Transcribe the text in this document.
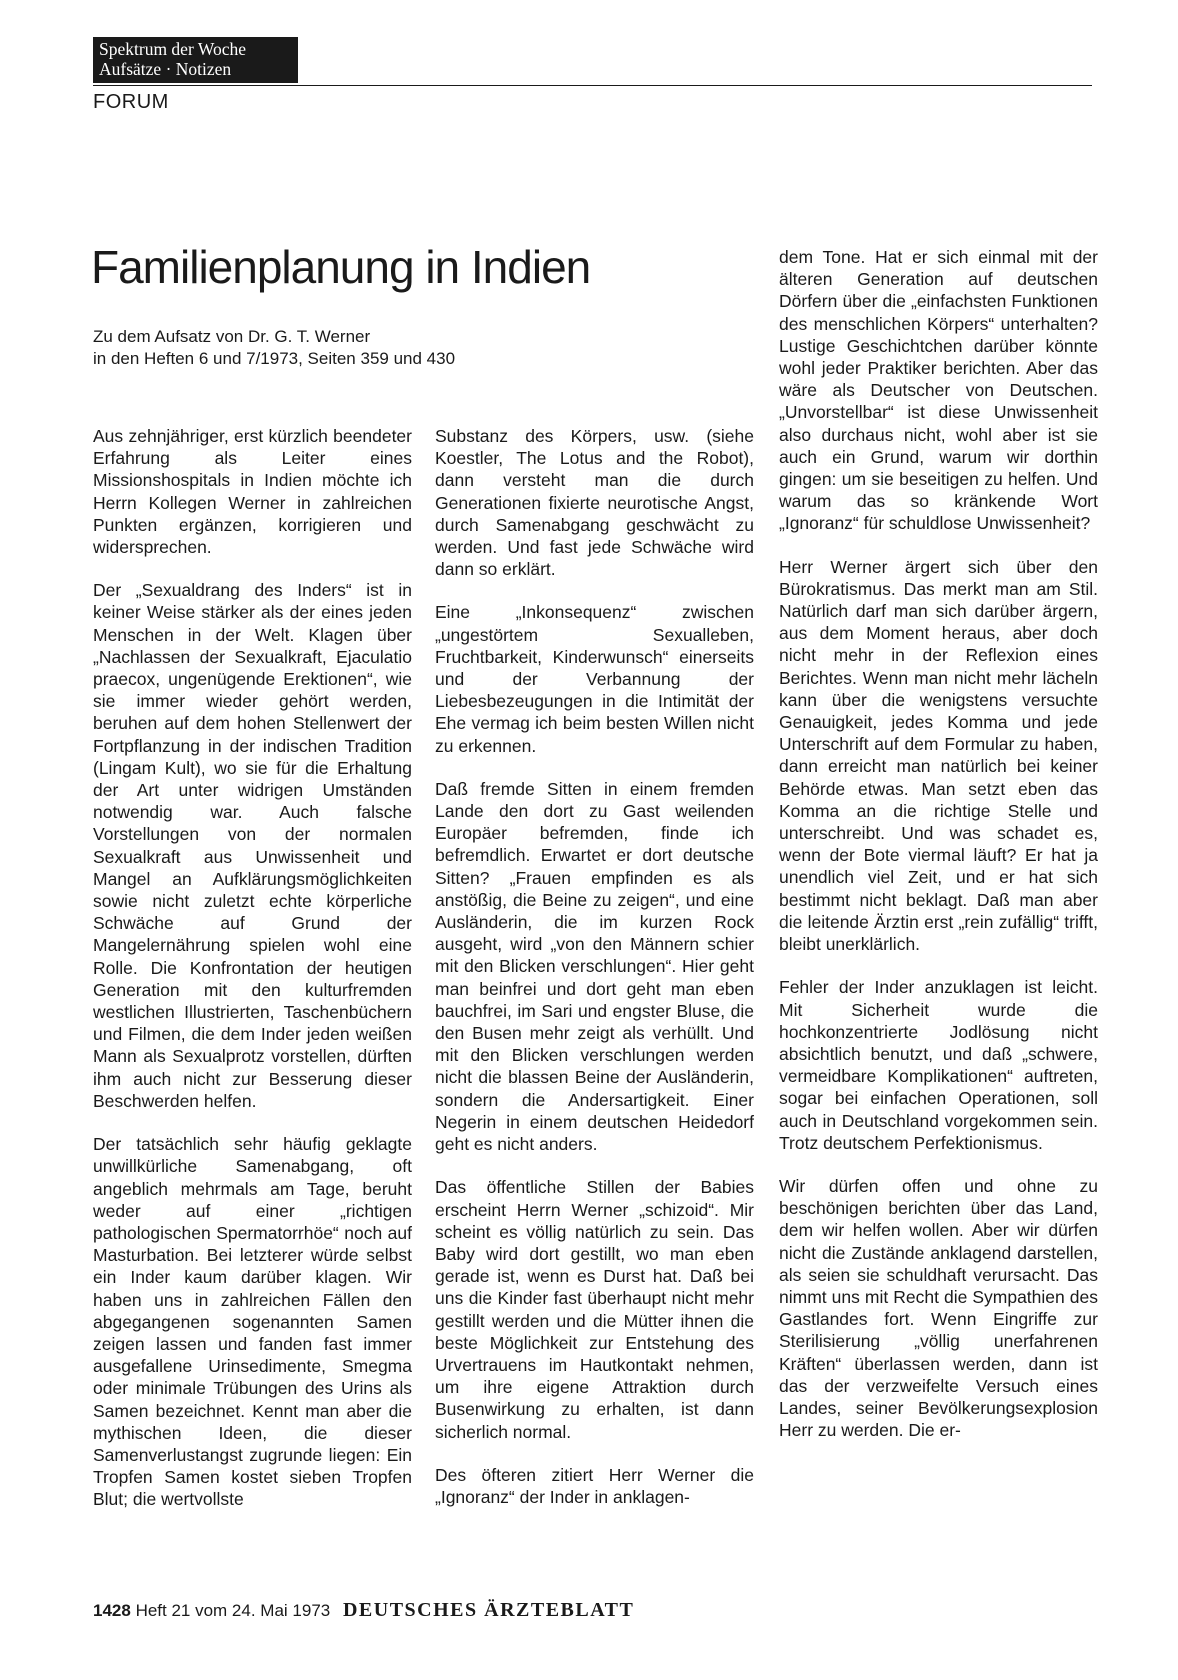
Spektrum der Woche
Aufsätze · Notizen
FORUM
Familienplanung in Indien
Zu dem Aufsatz von Dr. G. T. Werner
in den Heften 6 und 7/1973, Seiten 359 und 430

Aus zehnjähriger, erst kürzlich beendeter Erfahrung als Leiter eines Missionshospitals in Indien möchte ich Herrn Kollegen Werner in zahlreichen Punkten ergänzen, korrigieren und widersprechen.

Der „Sexualdrang des Inders“ ist in keiner Weise stärker als der eines jeden Menschen in der Welt. Klagen über „Nachlassen der Sexualkraft, Ejaculatio praecox, ungenügende Erektionen“, wie sie immer wieder gehört werden, beruhen auf dem hohen Stellenwert der Fortpflanzung in der indischen Tradition (Lingam Kult), wo sie für die Erhaltung der Art unter widrigen Umständen notwendig war. Auch falsche Vorstellungen von der normalen Sexualkraft aus Unwissenheit und Mangel an Aufklärungsmöglichkeiten sowie nicht zuletzt echte körperliche Schwäche auf Grund der Mangelernährung spielen wohl eine Rolle. Die Konfrontation der heutigen Generation mit den kulturfremden westlichen Illustrierten, Taschenbüchern und Filmen, die dem Inder jeden weißen Mann als Sexualprotz vorstellen, dürften ihm auch nicht zur Besserung dieser Beschwerden helfen.

Der tatsächlich sehr häufig geklagte unwillkürliche Samenabgang, oft angeblich mehrmals am Tage, beruht weder auf einer „richtigen pathologischen Spermatorrhöe“ noch auf Masturbation. Bei letzterer würde selbst ein Inder kaum darüber klagen. Wir haben uns in zahlreichen Fällen den abgegangenen sogenannten Samen zeigen lassen und fanden fast immer ausgefallene Urinsedimente, Smegma oder minimale Trübungen des Urins als Samen bezeichnet. Kennt man aber die mythischen Ideen, die dieser Samenverlustangst zugrunde liegen: Ein Tropfen Samen kostet sieben Tropfen Blut; die wertvollste

Substanz des Körpers, usw. (siehe Koestler, The Lotus and the Robot), dann versteht man die durch Generationen fixierte neurotische Angst, durch Samenabgang geschwächt zu werden. Und fast jede Schwäche wird dann so erklärt.

Eine „Inkonsequenz“ zwischen „ungestörtem Sexualleben, Fruchtbarkeit, Kinderwunsch“ einerseits und der Verbannung der Liebesbezeugungen in die Intimität der Ehe vermag ich beim besten Willen nicht zu erkennen.

Daß fremde Sitten in einem fremden Lande den dort zu Gast weilenden Europäer befremden, finde ich befremdlich. Erwartet er dort deutsche Sitten? „Frauen empfinden es als anstößig, die Beine zu zeigen“, und eine Ausländerin, die im kurzen Rock ausgeht, wird „von den Männern schier mit den Blicken verschlungen“. Hier geht man beinfrei und dort geht man eben bauchfrei, im Sari und engster Bluse, die den Busen mehr zeigt als verhüllt. Und mit den Blicken verschlungen werden nicht die blassen Beine der Ausländerin, sondern die Andersartigkeit. Einer Negerin in einem deutschen Heidedorf geht es nicht anders.

Das öffentliche Stillen der Babies erscheint Herrn Werner „schizoid“. Mir scheint es völlig natürlich zu sein. Das Baby wird dort gestillt, wo man eben gerade ist, wenn es Durst hat. Daß bei uns die Kinder fast überhaupt nicht mehr gestillt werden und die Mütter ihnen die beste Möglichkeit zur Entstehung des Urvertrauens im Hautkontakt nehmen, um ihre eigene Attraktion durch Busenwirkung zu erhalten, ist dann sicherlich normal.

Des öfteren zitiert Herr Werner die „Ignoranz“ der Inder in anklagen-

dem Tone. Hat er sich einmal mit der älteren Generation auf deutschen Dörfern über die „einfachsten Funktionen des menschlichen Körpers“ unterhalten? Lustige Geschichtchen darüber könnte wohl jeder Praktiker berichten. Aber das wäre als Deutscher von Deutschen. „Unvorstellbar“ ist diese Unwissenheit also durchaus nicht, wohl aber ist sie auch ein Grund, warum wir dorthin gingen: um sie beseitigen zu helfen. Und warum das so kränkende Wort „Ignoranz“ für schuldlose Unwissenheit?

Herr Werner ärgert sich über den Bürokratismus. Das merkt man am Stil. Natürlich darf man sich darüber ärgern, aus dem Moment heraus, aber doch nicht mehr in der Reflexion eines Berichtes. Wenn man nicht mehr lächeln kann über die wenigstens versuchte Genauigkeit, jedes Komma und jede Unterschrift auf dem Formular zu haben, dann erreicht man natürlich bei keiner Behörde etwas. Man setzt eben das Komma an die richtige Stelle und unterschreibt. Und was schadet es, wenn der Bote viermal läuft? Er hat ja unendlich viel Zeit, und er hat sich bestimmt nicht beklagt. Daß man aber die leitende Ärztin erst „rein zufällig“ trifft, bleibt unerklärlich.

Fehler der Inder anzuklagen ist leicht. Mit Sicherheit wurde die hochkonzentrierte Jodlösung nicht absichtlich benutzt, und daß „schwere, vermeidbare Komplikationen“ auftreten, sogar bei einfachen Operationen, soll auch in Deutschland vorgekommen sein. Trotz deutschem Perfektionismus.

Wir dürfen offen und ohne zu beschönigen berichten über das Land, dem wir helfen wollen. Aber wir dürfen nicht die Zustände anklagend darstellen, als seien sie schuldhaft verursacht. Das nimmt uns mit Recht die Sympathien des Gastlandes fort. Wenn Eingriffe zur Sterilisierung „völlig unerfahrenen Kräften“ überlassen werden, dann ist das der verzweifelte Versuch eines Landes, seiner Bevölkerungsexplosion Herr zu werden. Die er-

1428 Heft 21 vom 24. Mai 1973 DEUTSCHES ÄRZTEBLATT
